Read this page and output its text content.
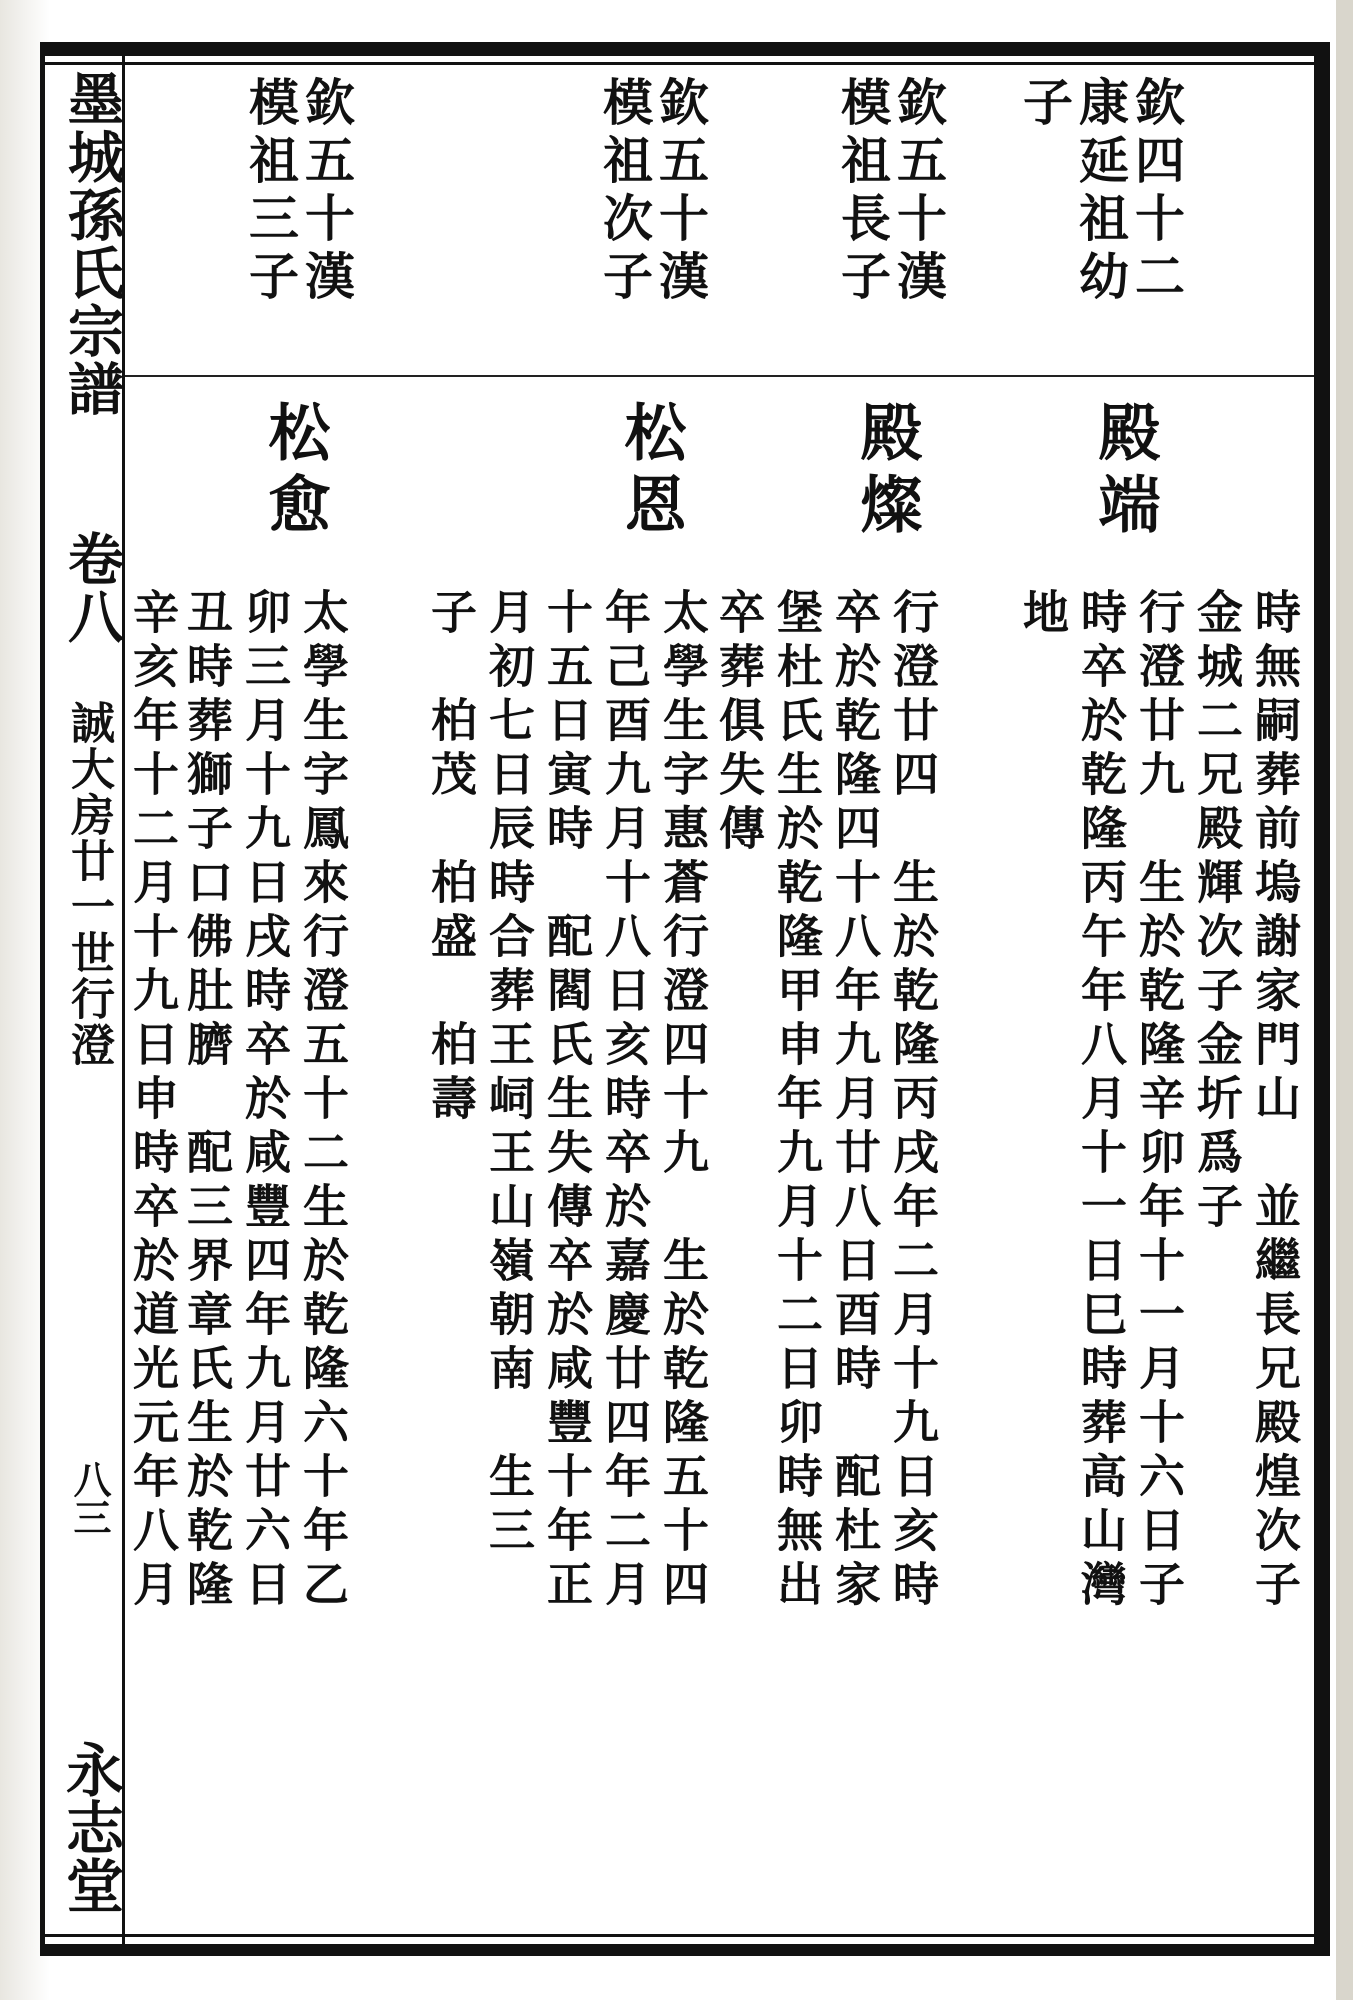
墨城孫氏宗譜
卷八
誠大房廿一世行澄
八三
永志堂
欽四十二
康延祖幼
子
殿端
時無嗣葬前塢謝家門山　並繼長兄殿煌次子
金城二兄殿輝次子金圻爲子
行澄廿九　生於乾隆辛卯年十一月十六日子
時卒於乾隆丙午年八月十一日巳時葬高山灣
地
欽五十漢
模祖長子
殿燦
行澄廿四　生於乾隆丙戌年二月十九日亥時
卒於乾隆四十八年九月廿八日酉時　配杜家
堡杜氏生於乾隆甲申年九月十二日卯時無出
卒葬俱失傳
欽五十漢
模祖次子
松恩
太學生字惠蒼行澄四十九　生於乾隆五十四
年己酉九月十八日亥時卒於嘉慶廿四年二月
十五日寅時　配閻氏生失傳卒於咸豐十年正
月初七日辰時合葬王㟃王山嶺朝南　生三
子　柏茂　柏盛　柏壽
欽五十漢
模祖三子
松愈
太學生字鳳來行澄五十二生於乾隆六十年乙
卯三月十九日戌時卒於咸豐四年九月廿六日
丑時葬獅子口佛肚臍　配三界章氏生於乾隆
辛亥年十二月十九日申時卒於道光元年八月
